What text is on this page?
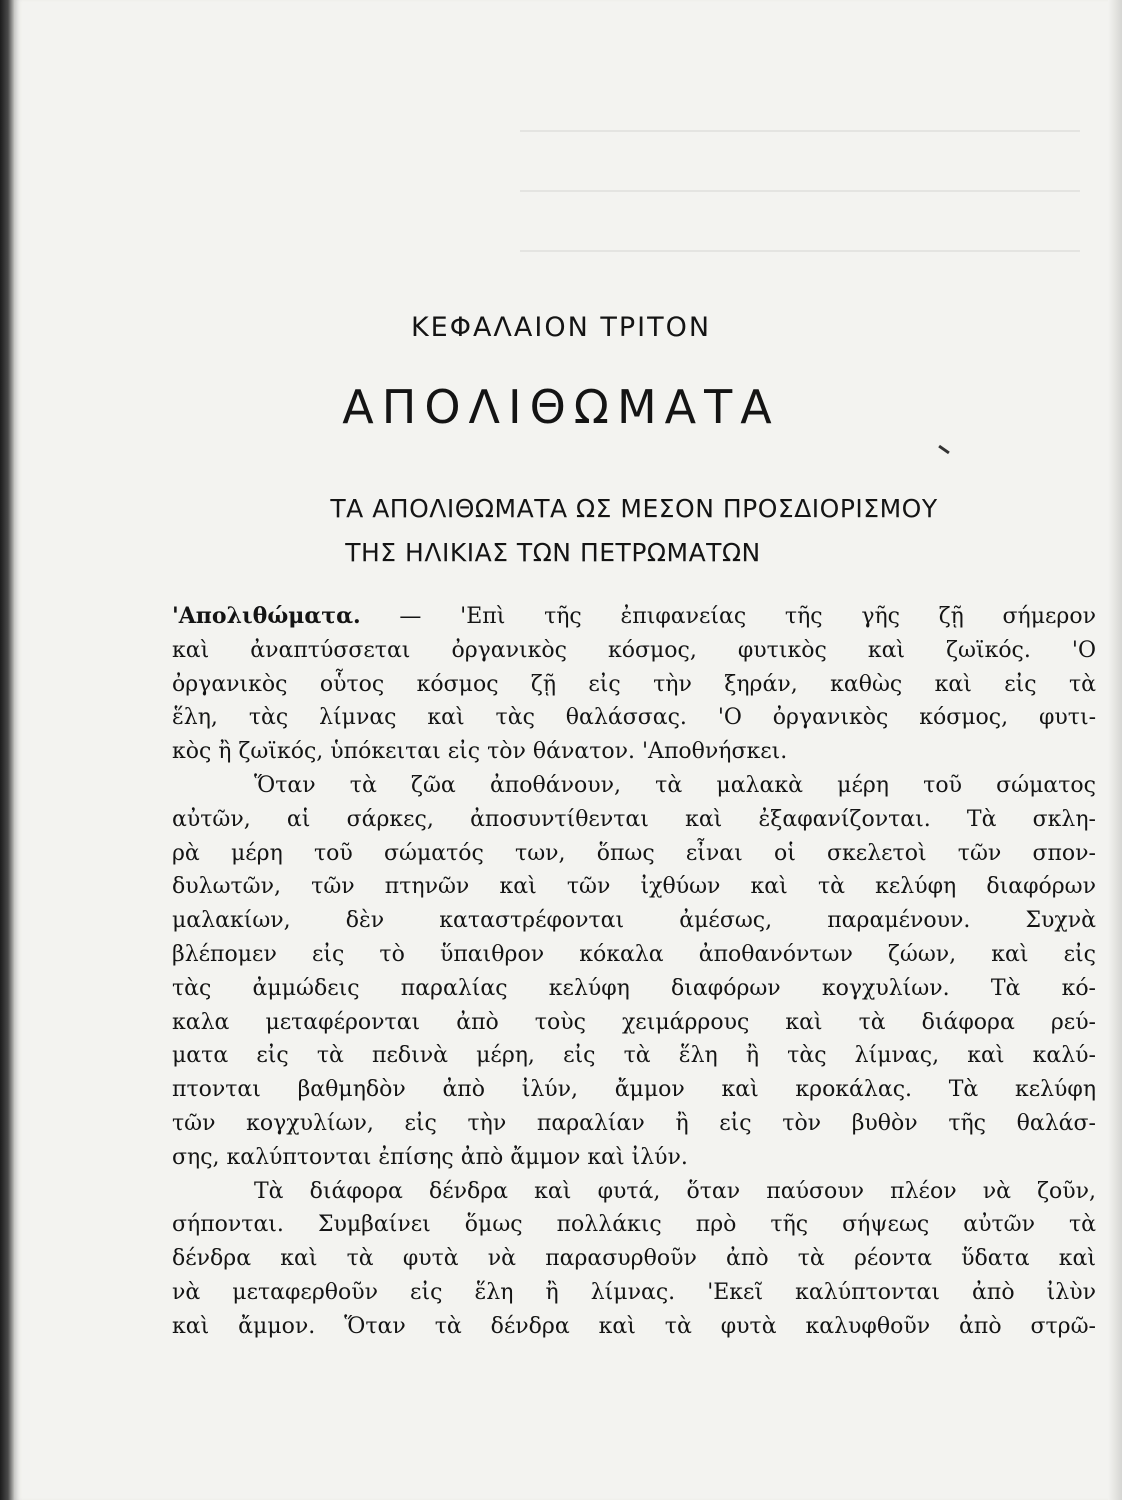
ΚΕΦΑΛΑΙΟΝ ΤΡΙΤΟΝ
ΑΠΟΛΙΘΩΜΑΤΑ
ΤΑ ΑΠΟΛΙΘΩΜΑΤΑ ΩΣ ΜΕΣΟΝ ΠΡΟΣΔΙΟΡΙΣΜΟΥ
ΤΗΣ ΗΛΙΚΙΑΣ ΤΩΝ ΠΕΤΡΩΜΑΤΩΝ
'Απολιθώματα. — 'Επὶ τῆς ἐπιφανείας τῆς γῆς ζῇ σήμερον
καὶ ἀναπτύσσεται ὀργανικὸς κόσμος, φυτικὸς καὶ ζωϊκός. 'Ο
ὀργανικὸς οὗτος κόσμος ζῇ εἰς τὴν ξηράν, καθὼς καὶ εἰς τὰ
ἕλη, τὰς λίμνας καὶ τὰς θαλάσσας. 'Ο ὀργανικὸς κόσμος, φυτι-
κὸς ἢ ζωϊκός, ὑπόκειται εἰς τὸν θάνατον. 'Αποθνήσκει.
Ὅταν τὰ ζῶα ἀποθάνουν, τὰ μαλακὰ μέρη τοῦ σώματος
αὐτῶν, αἱ σάρκες, ἀποσυντίθενται καὶ ἐξαφανίζονται. Τὰ σκλη-
ρὰ μέρη τοῦ σώματός των, ὅπως εἶναι οἱ σκελετοὶ τῶν σπον-
δυλωτῶν, τῶν πτηνῶν καὶ τῶν ἰχθύων καὶ τὰ κελύφη διαφόρων
μαλακίων, δὲν καταστρέφονται ἀμέσως, παραμένουν. Συχνὰ
βλέπομεν εἰς τὸ ὕπαιθρον κόκαλα ἀποθανόντων ζώων, καὶ εἰς
τὰς ἀμμώδεις παραλίας κελύφη διαφόρων κογχυλίων. Τὰ κό-
καλα μεταφέρονται ἀπὸ τοὺς χειμάρρους καὶ τὰ διάφορα ρεύ-
ματα εἰς τὰ πεδινὰ μέρη, εἰς τὰ ἕλη ἢ τὰς λίμνας, καὶ καλύ-
πτονται βαθμηδὸν ἀπὸ ἰλύν, ἄμμον καὶ κροκάλας. Τὰ κελύφη
τῶν κογχυλίων, εἰς τὴν παραλίαν ἢ εἰς τὸν βυθὸν τῆς θαλάσ-
σης, καλύπτονται ἐπίσης ἀπὸ ἄμμον καὶ ἰλύν.
Τὰ διάφορα δένδρα καὶ φυτά, ὅταν παύσουν πλέον νὰ ζοῦν,
σήπονται. Συμβαίνει ὅμως πολλάκις πρὸ τῆς σήψεως αὐτῶν τὰ
δένδρα καὶ τὰ φυτὰ νὰ παρασυρθοῦν ἀπὸ τὰ ρέοντα ὕδατα καὶ
νὰ μεταφερθοῦν εἰς ἕλη ἢ λίμνας. 'Εκεῖ καλύπτονται ἀπὸ ἰλὺν
καὶ ἄμμον. Ὅταν τὰ δένδρα καὶ τὰ φυτὰ καλυφθοῦν ἀπὸ στρῶ-
